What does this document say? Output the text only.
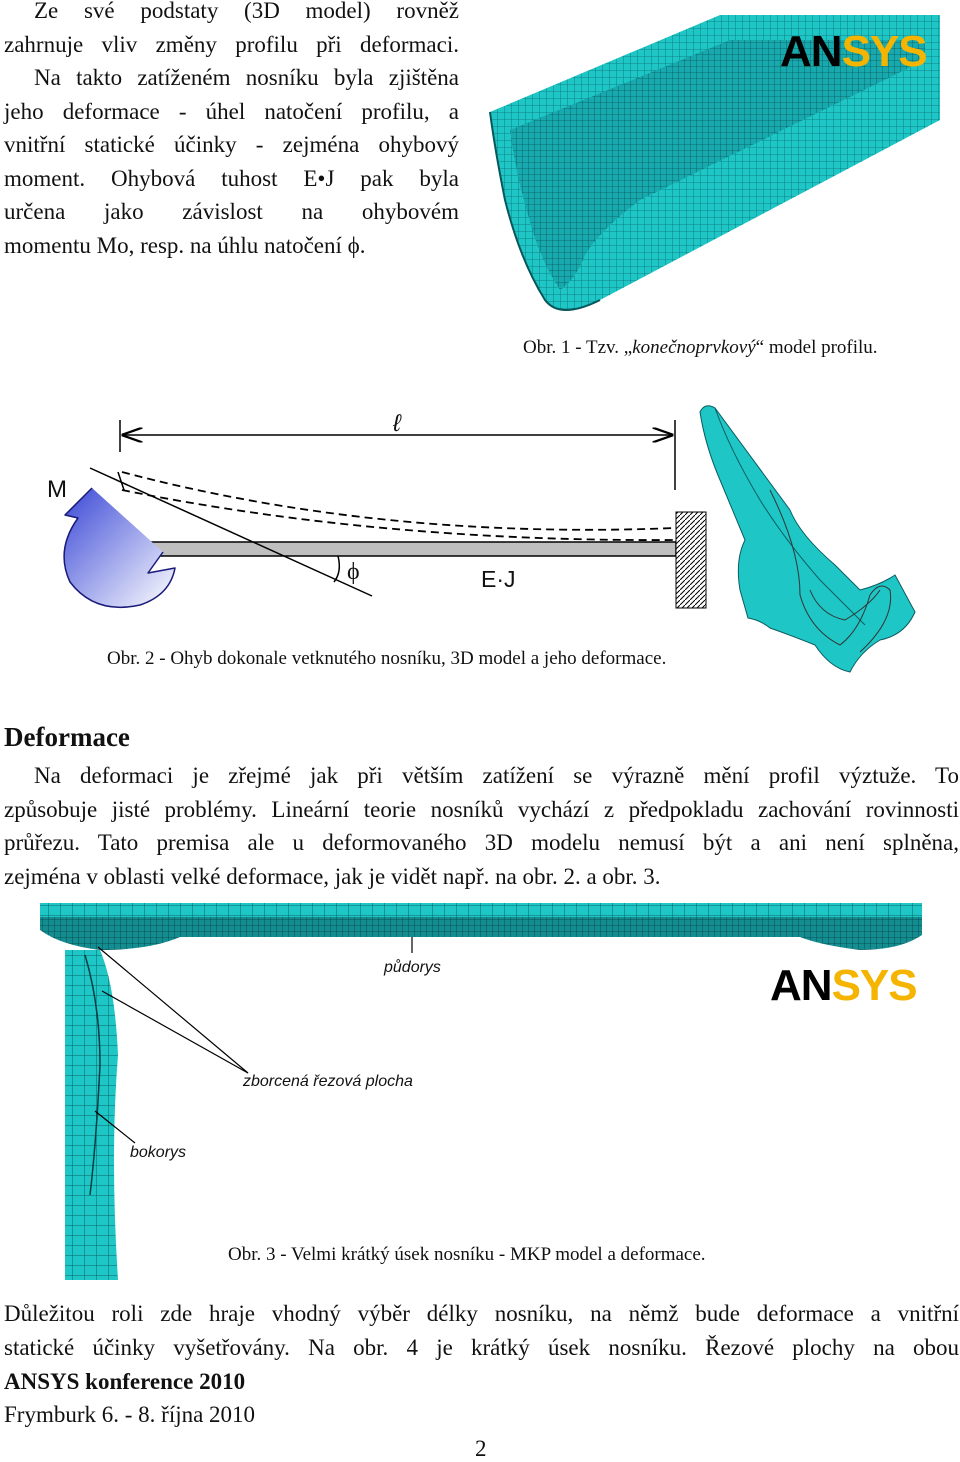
Ze své podstaty (3D model) rovněž
zahrnuje vliv změny profilu při deformaci.
Na takto zatíženém nosníku byla zjištěna
jeho deformace - úhel natočení profilu, a
vnitřní statické účinky - zejména ohybový
moment. Ohybová tuhost E•J pak byla
určena jako závislost na ohybovém
momentu Mo, resp. na úhlu natočení ϕ.
ANSYS
Obr. 1 - Tzv. „konečnoprvkový“ model profilu.
ℓ
M
ϕ	E·J
Obr. 2 - Ohyb dokonale vetknutého nosníku, 3D model a jeho deformace.
Deformace
Na deformaci je zřejmé jak při větším zatížení se výrazně mění profil výztuže. To
způsobuje jisté problémy. Lineární teorie nosníků vychází z předpokladu zachování rovinnosti
průřezu. Tato premisa ale u deformovaného 3D modelu nemusí být a ani není splněna,
zejména v oblasti velké deformace, jak je vidět např. na obr. 2. a obr. 3.
půdorys
zborcená řezová plocha
bokorys
ANSYS
Obr. 3 - Velmi krátký úsek nosníku - MKP model a deformace.
Důležitou roli zde hraje vhodný výběr délky nosníku, na němž bude deformace a vnitřní
statické účinky vyšetřovány. Na obr. 4 je krátký úsek nosníku. Řezové plochy na obou
ANSYS konference 2010
Frymburk 6. - 8. října 2010
2
